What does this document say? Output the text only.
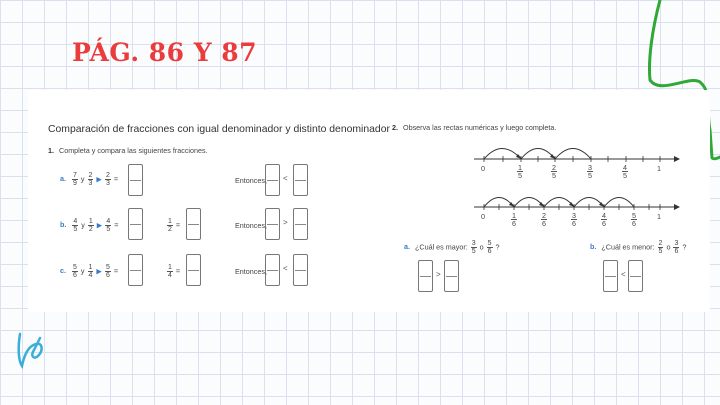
PÁG. 86 Y 87
Comparación de fracciones con igual denominador y distinto denominador
1. Completa y compara las siguientes fracciones.
a. $\frac{7}{9}$ y $\frac{2}{3}$ ▶ $\frac{2}{3}$ =	Entonces, <
b. $\frac{4}{5}$ y $\frac{1}{2}$ ▶ $\frac{4}{5}$ =	$\frac{1}{2}$ =	Entonces, >
c. $\frac{5}{6}$ y $\frac{1}{4}$ ▶ $\frac{5}{6}$ =	$\frac{1}{4}$ =	Entonces, <
2. Observa las rectas numéricas y luego completa.
0	1
$\frac{1}{5}$	$\frac{2}{5}$	$\frac{3}{5}$	$\frac{4}{5}$
0	1
$\frac{1}{6}$	$\frac{2}{6}$	$\frac{3}{6}$	$\frac{4}{6}$	$\frac{5}{6}$
a. ¿Cuál es mayor: $\frac{3}{5}$ o $\frac{5}{6}$ ?
>
b. ¿Cuál es menor: $\frac{2}{5}$ o $\frac{3}{6}$ ?
<
